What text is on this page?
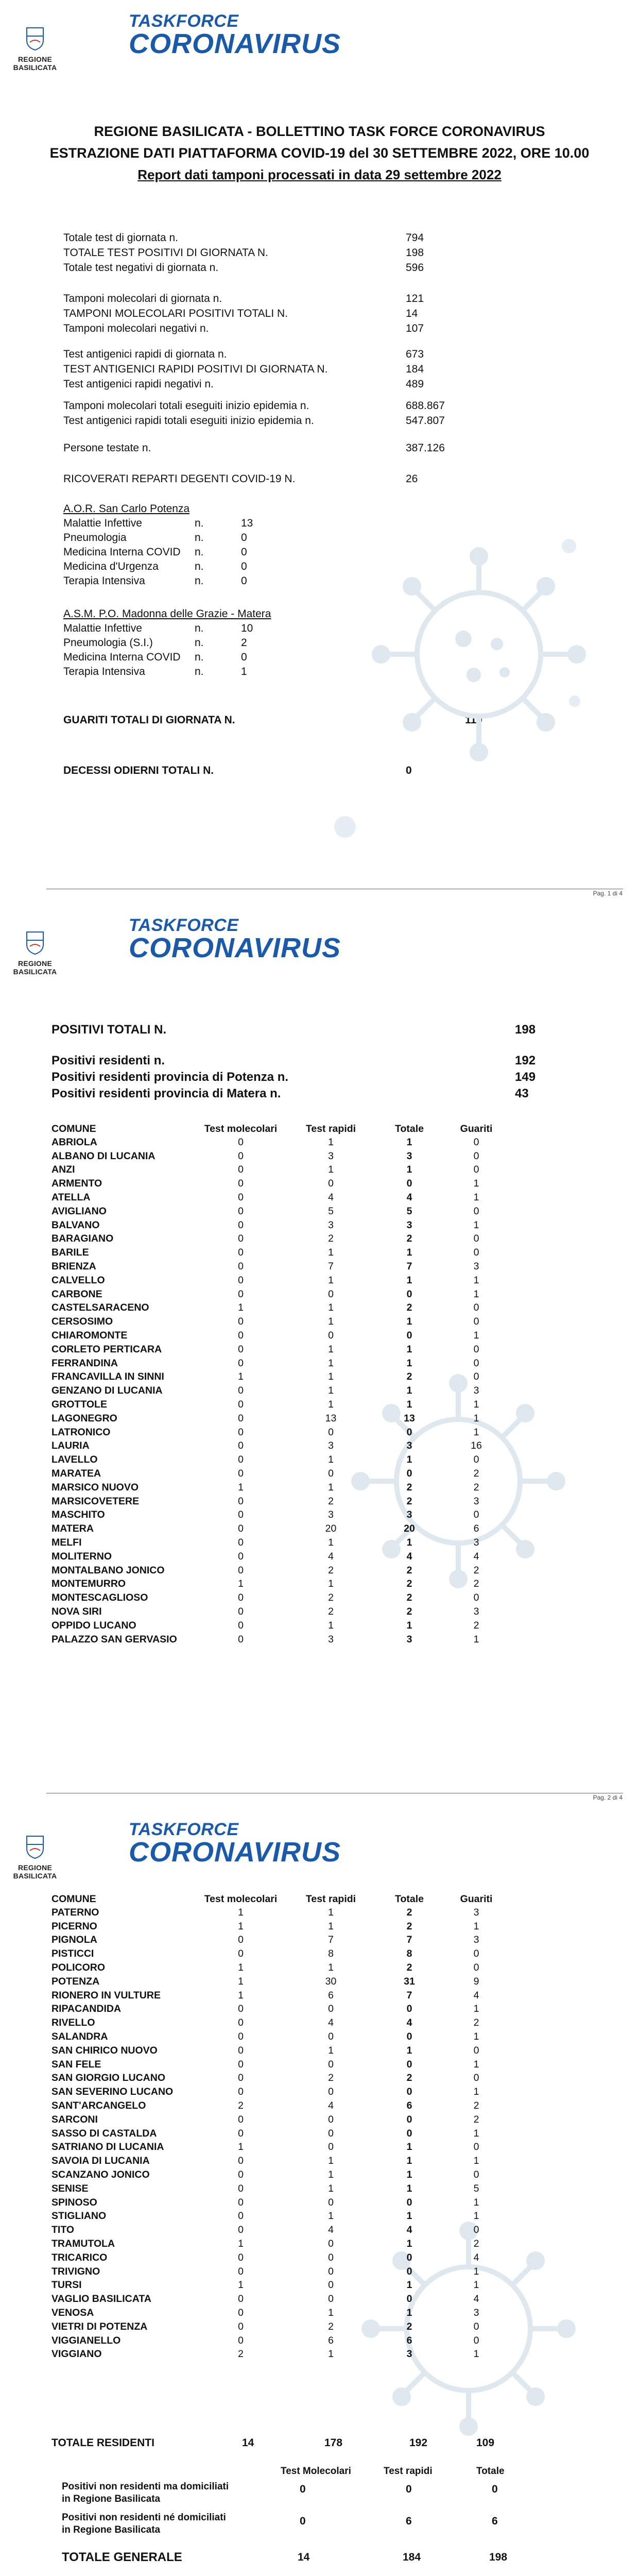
REGIONE BASILICATA
TASKFORCE
CORONAVIRUS
REGIONE BASILICATA - BOLLETTINO TASK FORCE CORONAVIRUS
ESTRAZIONE DATI PIATTAFORMA COVID-19 del 30 SETTEMBRE 2022, ORE 10.00
Report dati tamponi processati in data 29 settembre 2022
Totale test di giornata n.	794
TOTALE TEST POSITIVI DI GIORNATA N.	198
Totale test negativi di giornata n.	596
Tamponi molecolari di giornata n.	121
TAMPONI MOLECOLARI POSITIVI TOTALI N.	14
Tamponi molecolari negativi n.	107
Test antigenici rapidi di giornata n.	673
TEST ANTIGENICI RAPIDI POSITIVI DI GIORNATA N.	184
Test antigenici rapidi negativi n.	489
Tamponi molecolari totali eseguiti inizio epidemia n.	688.867
Test antigenici rapidi totali eseguiti inizio epidemia n.	547.807
Persone testate n.	387.126
RICOVERATI REPARTI DEGENTI COVID-19 N.	26
A.O.R. San Carlo Potenza
Malattie Infettive	n.	13
Pneumologia	n.	0
Medicina Interna COVID n.	0
Medicina d'Urgenza	n.	0
Terapia Intensiva	n.	0
A.S.M. P.O. Madonna delle Grazie - Matera
Malattie Infettive	n.	10
Pneumologia (S.I.)	n.	2
Medicina Interna COVID n.	0
Terapia Intensiva	n.	1
GUARITI TOTALI DI GIORNATA N.	110
DECESSI ODIERNI TOTALI N.	0
Pag. 1 di 4
REGIONE BASILICATA
TASKFORCE
CORONAVIRUS
POSITIVI TOTALI N.	198
Positivi residenti n.	192
Positivi residenti provincia di Potenza n.	149
Positivi residenti provincia di Matera n.	43
COMUNE	Test molecolari	Test rapidi	Totale	Guariti
ABRIOLA	0	1	1	0
ALBANO DI LUCANIA	0	3	3	0
ANZI	0	1	1	0
ARMENTO	0	0	0	1
ATELLA	0	4	4	1
AVIGLIANO	0	5	5	0
BALVANO	0	3	3	1
BARAGIANO	0	2	2	0
BARILE	0	1	1	0
BRIENZA	0	7	7	3
CALVELLO	0	1	1	1
CARBONE	0	0	0	1
CASTELSARACENO	1	1	2	0
CERSOSIMO	0	1	1	0
CHIAROMONTE	0	0	0	1
CORLETO PERTICARA	0	1	1	0
FERRANDINA	0	1	1	0
FRANCAVILLA IN SINNI	1	1	2	0
GENZANO DI LUCANIA	0	1	1	3
GROTTOLE	0	1	1	1
LAGONEGRO	0	13	13	1
LATRONICO	0	0	0	1
LAURIA	0	3	3	16
LAVELLO	0	1	1	0
MARATEA	0	0	0	2
MARSICO NUOVO	1	1	2	2
MARSICOVETERE	0	2	2	3
MASCHITO	0	3	3	0
MATERA	0	20	20	6
MELFI	0	1	1	3
MOLITERNO	0	4	4	4
MONTALBANO JONICO	0	2	2	2
MONTEMURRO	1	1	2	2
MONTESCAGLIOSO	0	2	2	0
NOVA SIRI	0	2	2	3
OPPIDO LUCANO	0	1	1	2
PALAZZO SAN GERVASIO	0	3	3	1
Pag. 2 di 4
REGIONE BASILICATA
TASKFORCE
CORONAVIRUS
COMUNE	Test molecolari	Test rapidi	Totale	Guariti
PATERNO	1	1	2	3
PICERNO	1	1	2	1
PIGNOLA	0	7	7	3
PISTICCI	0	8	8	0
POLICORO	1	1	2	0
POTENZA	1	30	31	9
RIONERO IN VULTURE	1	6	7	4
RIPACANDIDA	0	0	0	1
RIVELLO	0	4	4	2
SALANDRA	0	0	0	1
SAN CHIRICO NUOVO	0	1	1	0
SAN FELE	0	0	0	1
SAN GIORGIO LUCANO	0	2	2	0
SAN SEVERINO LUCANO	0	0	0	1
SANT'ARCANGELO	2	4	6	2
SARCONI	0	0	0	2
SASSO DI CASTALDA	0	0	0	1
SATRIANO DI LUCANIA	1	0	1	0
SAVOIA DI LUCANIA	0	1	1	1
SCANZANO JONICO	0	1	1	0
SENISE	0	1	1	5
SPINOSO	0	0	0	1
STIGLIANO	0	1	1	1
TITO	0	4	4	0
TRAMUTOLA	1	0	1	2
TRICARICO	0	0	0	4
TRIVIGNO	0	0	0	1
TURSI	1	0	1	1
VAGLIO BASILICATA	0	0	0	4
VENOSA	0	1	1	3
VIETRI DI POTENZA	0	2	2	0
VIGGIANELLO	0	6	6	0
VIGGIANO	2	1	3	1
TOTALE RESIDENTI	14	178	192	109
Test Molecolari	Test rapidi	Totale
Positivi non residenti ma domiciliati
in Regione Basilicata
0	0	0
Positivi non residenti né domiciliati
in Regione Basilicata
0	6	6
TOTALE GENERALE	14	184	198
